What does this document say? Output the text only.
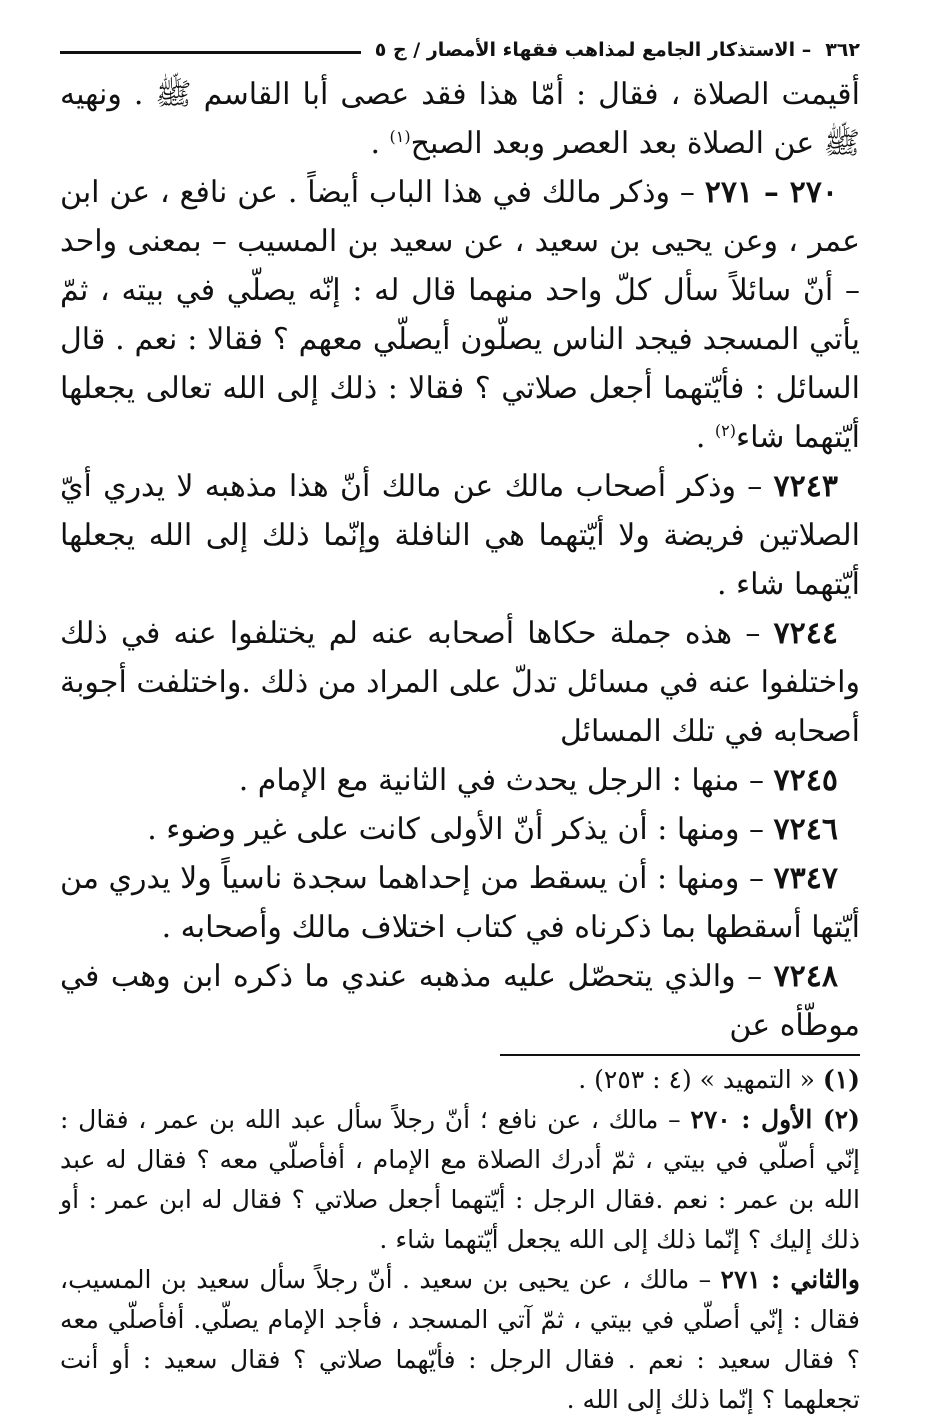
٣٦٢
– الاستذكار الجامع لمذاهب فقهاء الأمصار / ج ٥

أقيمت الصلاة ، فقال : أمّا هذا فقد عصى أبا القاسم ﷺ . ونهيه ﷺ عن الصلاة بعد العصر وبعد الصبح$^{(١)}$ .

٢٧٠ – ٢٧١ – وذكر مالك في هذا الباب أيضاً . عن نافع ، عن ابن عمر ، وعن يحيى بن سعيد ، عن سعيد بن المسيب – بمعنى واحد – أنّ سائلاً سأل كلّ واحد منهما قال له : إنّه يصلّي في بيته ، ثمّ يأتي المسجد فيجد الناس يصلّون أيصلّي معهم ؟ فقالا : نعم . قال السائل : فأيّتهما أجعل صلاتي ؟ فقالا : ذلك إلى الله تعالى يجعلها أيّتهما شاء$^{(٢)}$ .

٧٢٤٣ – وذكر أصحاب مالك عن مالك أنّ هذا مذهبه لا يدري أيّ الصلاتين فريضة ولا أيّتهما هي النافلة وإنّما ذلك إلى الله يجعلها أيّتهما شاء .

٧٢٤٤ – هذه جملة حكاها أصحابه عنه لم يختلفوا عنه في ذلك واختلفوا عنه في مسائل تدلّ على المراد من ذلك .واختلفت أجوبة أصحابه في تلك المسائل

٧٢٤٥ – منها : الرجل يحدث في الثانية مع الإمام .

٧٢٤٦ – ومنها : أن يذكر أنّ الأولى كانت على غير وضوء .

٧٣٤٧ – ومنها : أن يسقط من إحداهما سجدة ناسياً ولا يدري من أيّتها أسقطها بما ذكرناه في كتاب اختلاف مالك وأصحابه .

٧٢٤٨ – والذي يتحصّل عليه مذهبه عندي ما ذكره ابن وهب في موطّأه عن

(١) « التمهيد » (٤ : ٢٥٣) .

(٢) الأول : ٢٧٠ – مالك ، عن نافع ؛ أنّ رجلاً سأل عبد الله بن عمر ، فقال : إنّي أصلّي في بيتي ، ثمّ أدرك الصلاة مع الإمام ، أفأصلّي معه ؟ فقال له عبد الله بن عمر : نعم .فقال الرجل : أيّتهما أجعل صلاتي ؟ فقال له ابن عمر : أو ذلك إليك ؟ إنّما ذلك إلى الله يجعل أيّتهما شاء .

والثاني : ٢٧١ – مالك ، عن يحيى بن سعيد . أنّ رجلاً سأل سعيد بن المسيب، فقال : إنّي أصلّي في بيتي ، ثمّ آتي المسجد ، فأجد الإمام يصلّي. أفأصلّي معه ؟ فقال سعيد : نعم . فقال الرجل : فأيّهما صلاتي ؟ فقال سعيد : أو أنت تجعلهما ؟ إنّما ذلك إلى الله .
